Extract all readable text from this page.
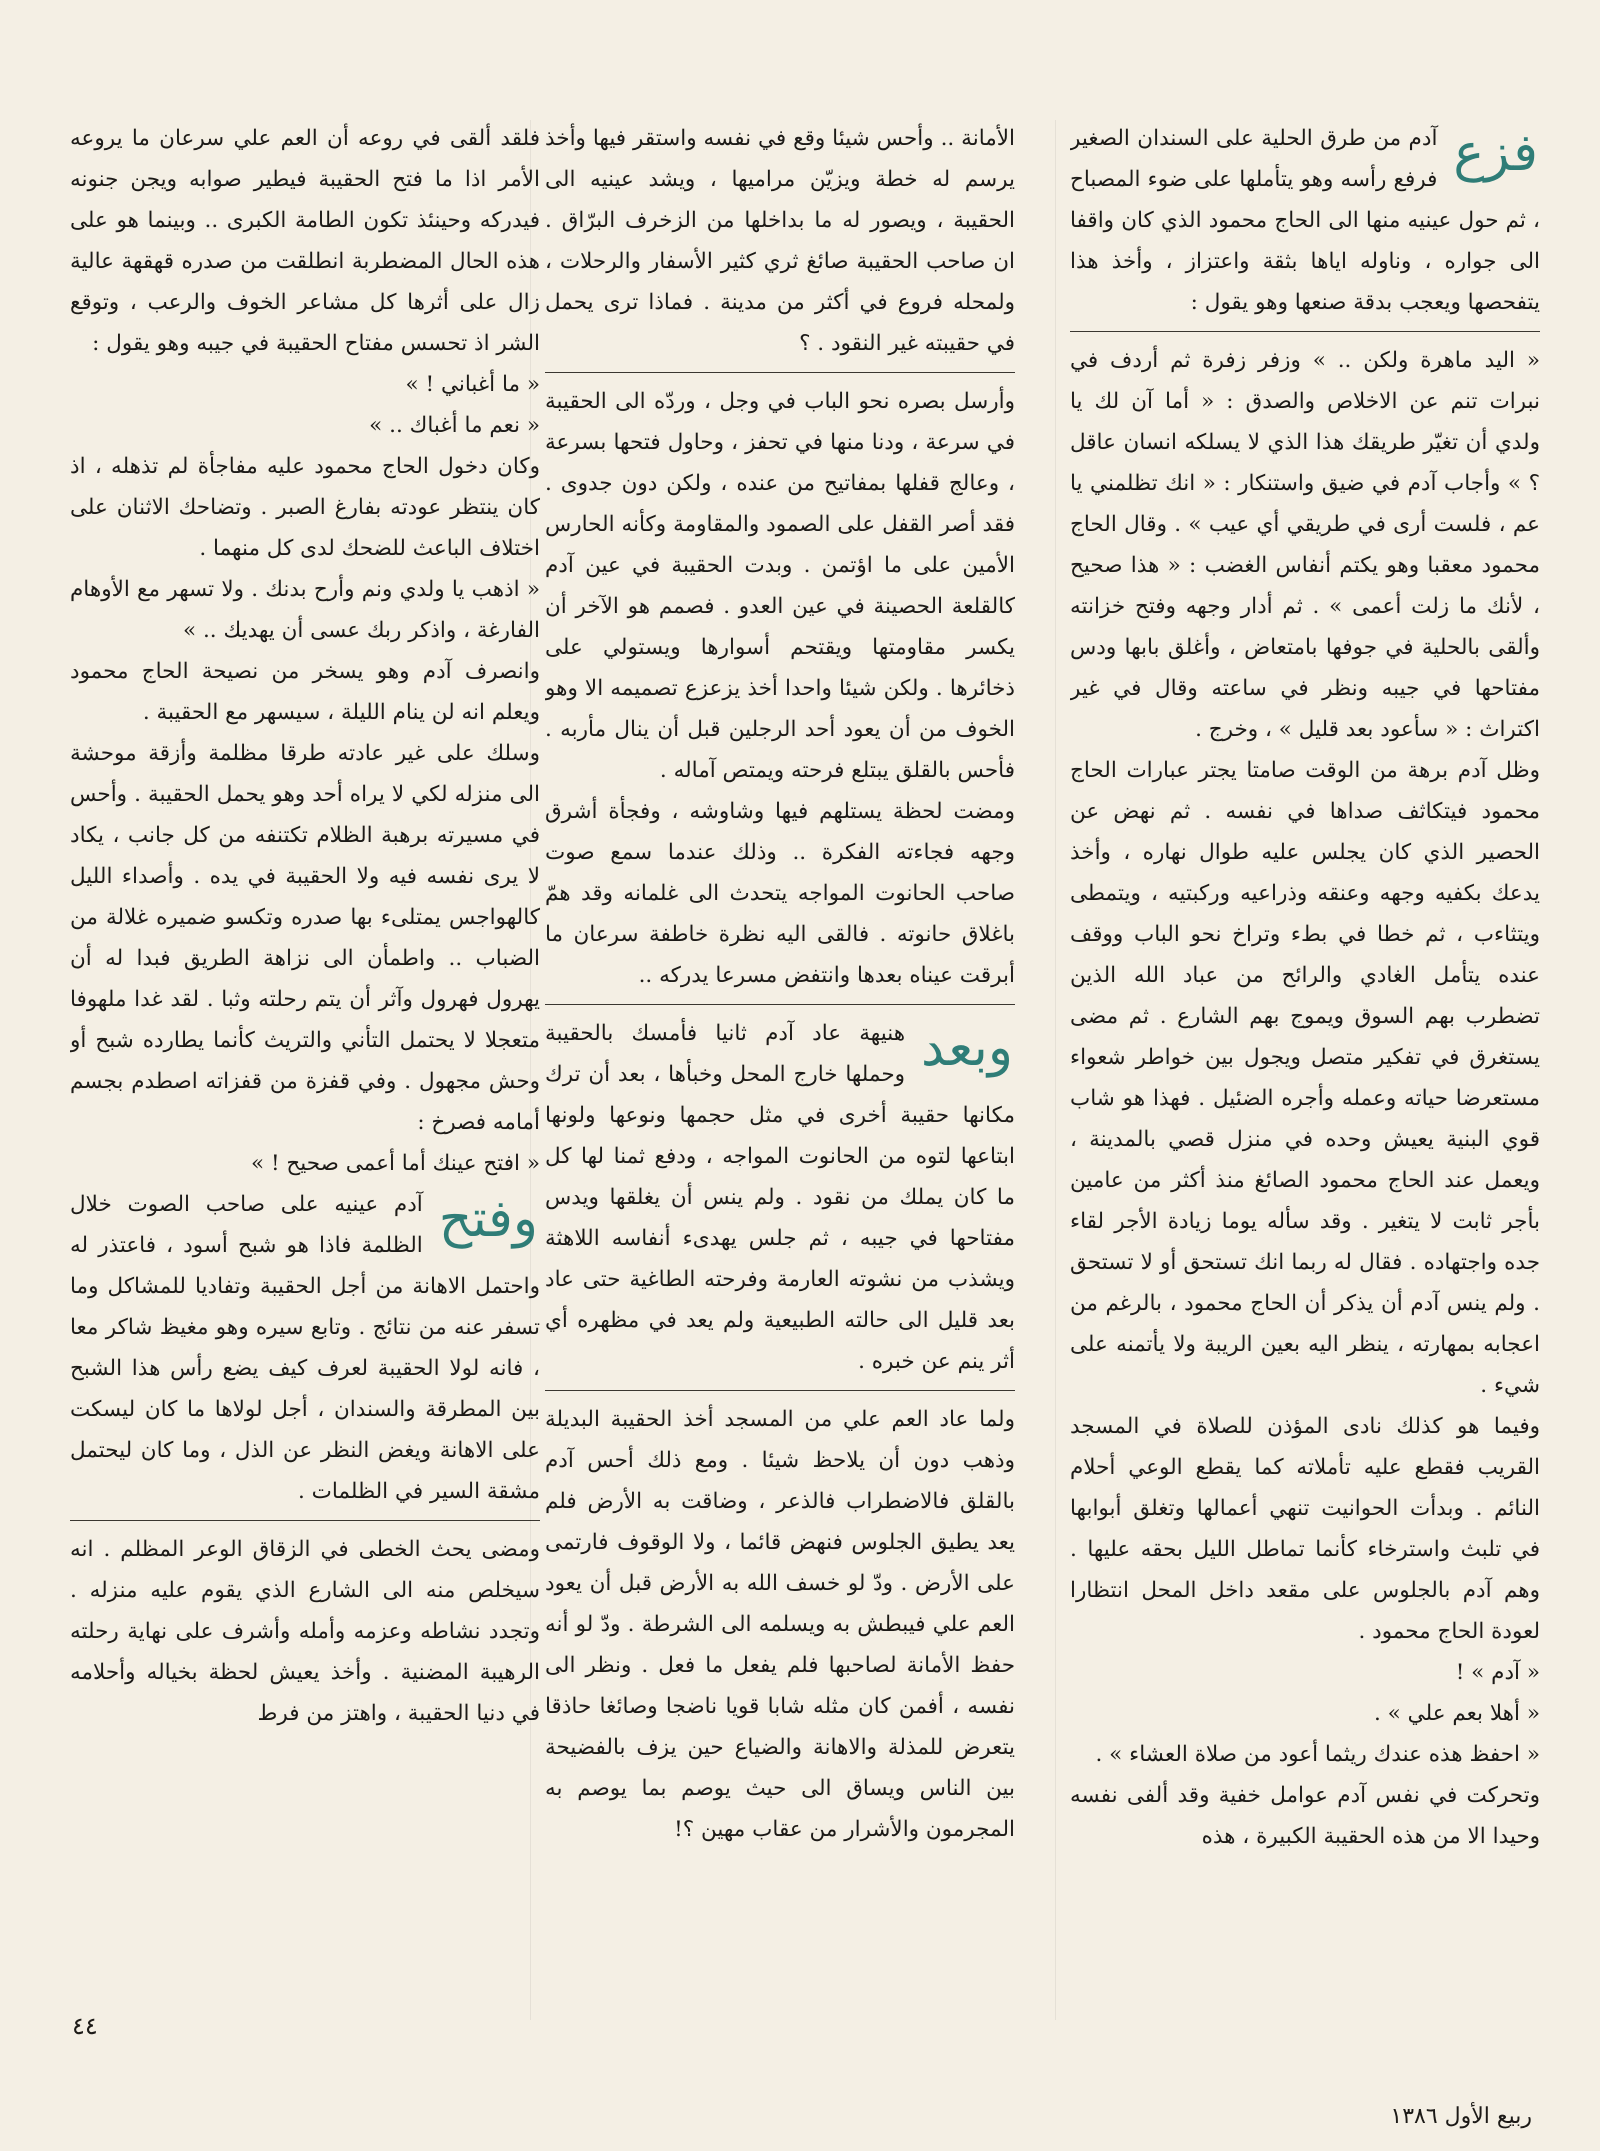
فزع

آدم من طرق الحلية على السندان الصغير فرفع رأسه وهو يتأملها على ضوء المصباح ، ثم حول عينيه منها الى الحاج محمود الذي كان واقفا الى جواره ، وناوله اياها بثقة واعتزاز ، وأخذ هذا يتفحصها ويعجب بدقة صنعها وهو يقول :

« اليد ماهرة ولكن .. » وزفر زفرة ثم أردف في نبرات تنم عن الاخلاص والصدق : « أما آن لك يا ولدي أن تغيّر طريقك هذا الذي لا يسلكه انسان عاقل ؟ » وأجاب آدم في ضيق واستنكار : « انك تظلمني يا عم ، فلست أرى في طريقي أي عيب » . وقال الحاج محمود معقبا وهو يكتم أنفاس الغضب : « هذا صحيح ، لأنك ما زلت أعمى » . ثم أدار وجهه وفتح خزانته وألقى بالحلية في جوفها بامتعاض ، وأغلق بابها ودس مفتاحها في جيبه ونظر في ساعته وقال في غير اكتراث : « سأعود بعد قليل » ، وخرج .

وظل آدم برهة من الوقت صامتا يجتر عبارات الحاج محمود فيتكاثف صداها في نفسه . ثم نهض عن الحصير الذي كان يجلس عليه طوال نهاره ، وأخذ يدعك بكفيه وجهه وعنقه وذراعيه وركبتيه ، ويتمطى ويتثاءب ، ثم خطا في بطء وتراخ نحو الباب ووقف عنده يتأمل الغادي والرائح من عباد الله الذين تضطرب بهم السوق ويموج بهم الشارع . ثم مضى يستغرق في تفكير متصل ويجول بين خواطر شعواء مستعرضا حياته وعمله وأجره الضئيل . فهذا هو شاب قوي البنية يعيش وحده في منزل قصي بالمدينة ، ويعمل عند الحاج محمود الصائغ منذ أكثر من عامين بأجر ثابت لا يتغير . وقد سأله يوما زيادة الأجر لقاء جده واجتهاده . فقال له ربما انك تستحق أو لا تستحق . ولم ينس آدم أن يذكر أن الحاج محمود ، بالرغم من اعجابه بمهارته ، ينظر اليه بعين الريبة ولا يأتمنه على شيء .

وفيما هو كذلك نادى المؤذن للصلاة في المسجد القريب فقطع عليه تأملاته كما يقطع الوعي أحلام النائم . وبدأت الحوانيت تنهي أعمالها وتغلق أبوابها في تلبث واسترخاء كأنما تماطل الليل بحقه عليها . وهم آدم بالجلوس على مقعد داخل المحل انتظارا لعودة الحاج محمود .

« آدم » !

« أهلا بعم علي » .

« احفظ هذه عندك ريثما أعود من صلاة العشاء » .

وتحركت في نفس آدم عوامل خفية وقد ألفى نفسه وحيدا الا من هذه الحقيبة الكبيرة ، هذه

الأمانة .. وأحس شيئا وقع في نفسه واستقر فيها وأخذ يرسم له خطة ويزيّن مراميها ، ويشد عينيه الى الحقيبة ، ويصور له ما بداخلها من الزخرف البرّاق . ان صاحب الحقيبة صائغ ثري كثير الأسفار والرحلات ، ولمحله فروع في أكثر من مدينة . فماذا ترى يحمل في حقيبته غير النقود . ؟

وأرسل بصره نحو الباب في وجل ، وردّه الى الحقيبة في سرعة ، ودنا منها في تحفز ، وحاول فتحها بسرعة ، وعالج قفلها بمفاتيح من عنده ، ولكن دون جدوى . فقد أصر القفل على الصمود والمقاومة وكأنه الحارس الأمين على ما اؤتمن . وبدت الحقيبة في عين آدم كالقلعة الحصينة في عين العدو . فصمم هو الآخر أن يكسر مقاومتها ويقتحم أسوارها ويستولي على ذخائرها . ولكن شيئا واحدا أخذ يزعزع تصميمه الا وهو الخوف من أن يعود أحد الرجلين قبل أن ينال مأربه . فأحس بالقلق يبتلع فرحته ويمتص آماله .

ومضت لحظة يستلهم فيها وشاوشه ، وفجأة أشرق وجهه فجاءته الفكرة .. وذلك عندما سمع صوت صاحب الحانوت المواجه يتحدث الى غلمانه وقد همّ باغلاق حانوته . فالقى اليه نظرة خاطفة سرعان ما أبرقت عيناه بعدها وانتفض مسرعا يدركه ..

وبعد

هنيهة عاد آدم ثانيا فأمسك بالحقيبة وحملها خارج المحل وخبأها ، بعد أن ترك مكانها حقيبة أخرى في مثل حجمها ونوعها ولونها ابتاعها لتوه من الحانوت المواجه ، ودفع ثمنا لها كل ما كان يملك من نقود . ولم ينس أن يغلقها ويدس مفتاحها في جيبه ، ثم جلس يهدىء أنفاسه اللاهثة ويشذب من نشوته العارمة وفرحته الطاغية حتى عاد بعد قليل الى حالته الطبيعية ولم يعد في مظهره أي أثر ينم عن خبره .

ولما عاد العم علي من المسجد أخذ الحقيبة البديلة وذهب دون أن يلاحظ شيئا . ومع ذلك أحس آدم بالقلق فالاضطراب فالذعر ، وضاقت به الأرض فلم يعد يطيق الجلوس فنهض قائما ، ولا الوقوف فارتمى على الأرض . ودّ لو خسف الله به الأرض قبل أن يعود العم علي فيبطش به ويسلمه الى الشرطة . ودّ لو أنه حفظ الأمانة لصاحبها فلم يفعل ما فعل . ونظر الى نفسه ، أفمن كان مثله شابا قويا ناضجا وصائغا حاذقا يتعرض للمذلة والاهانة والضياع حين يزف بالفضيحة بين الناس ويساق الى حيث يوصم بما يوصم به المجرمون والأشرار من عقاب مهين ؟!

فلقد ألقى في روعه أن العم علي سرعان ما يروعه الأمر اذا ما فتح الحقيبة فيطير صوابه ويجن جنونه فيدركه وحينئذ تكون الطامة الكبرى .. وبينما هو على هذه الحال المضطربة انطلقت من صدره قهقهة عالية زال على أثرها كل مشاعر الخوف والرعب ، وتوقع الشر اذ تحسس مفتاح الحقيبة في جيبه وهو يقول :

« ما أغباني ! »

« نعم ما أغباك .. »

وكان دخول الحاج محمود عليه مفاجأة لم تذهله ، اذ كان ينتظر عودته بفارغ الصبر . وتضاحك الاثنان على اختلاف الباعث للضحك لدى كل منهما .

« اذهب يا ولدي ونم وأرح بدنك . ولا تسهر مع الأوهام الفارغة ، واذكر ربك عسى أن يهديك .. »

وانصرف آدم وهو يسخر من نصيحة الحاج محمود ويعلم انه لن ينام الليلة ، سيسهر مع الحقيبة .

وسلك على غير عادته طرقا مظلمة وأزقة موحشة الى منزله لكي لا يراه أحد وهو يحمل الحقيبة . وأحس في مسيرته برهبة الظلام تكتنفه من كل جانب ، يكاد لا يرى نفسه فيه ولا الحقيبة في يده . وأصداء الليل كالهواجس يمتلىء بها صدره وتكسو ضميره غلالة من الضباب .. واطمأن الى نزاهة الطريق فبدا له أن يهرول فهرول وآثر أن يتم رحلته وثبا . لقد غدا ملهوفا متعجلا لا يحتمل التأني والتريث كأنما يطارده شبح أو وحش مجهول . وفي قفزة من قفزاته اصطدم بجسم أمامه فصرخ :

« افتح عينك أما أعمى صحيح ! »

وفتح

آدم عينيه على صاحب الصوت خلال الظلمة فاذا هو شبح أسود ، فاعتذر له واحتمل الاهانة من أجل الحقيبة وتفاديا للمشاكل وما تسفر عنه من نتائج . وتابع سيره وهو مغيظ شاكر معا ، فانه لولا الحقيبة لعرف كيف يضع رأس هذا الشبح بين المطرقة والسندان ، أجل لولاها ما كان ليسكت على الاهانة ويغض النظر عن الذل ، وما كان ليحتمل مشقة السير في الظلمات .

ومضى يحث الخطى في الزقاق الوعر المظلم . انه سيخلص منه الى الشارع الذي يقوم عليه منزله . وتجدد نشاطه وعزمه وأمله وأشرف على نهاية رحلته الرهيبة المضنية . وأخذ يعيش لحظة بخياله وأحلامه في دنيا الحقيبة ، واهتز من فرط

٤٤
ربيع الأول ١٣٨٦
